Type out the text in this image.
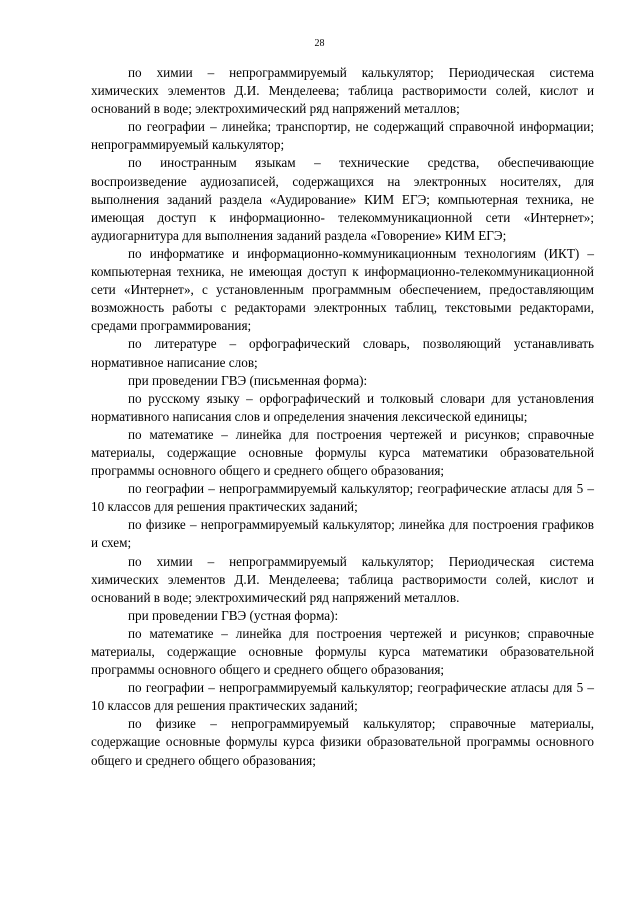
28

по химии – непрограммируемый калькулятор; Периодическая система химических элементов Д.И. Менделеева; таблица растворимости солей, кислот и оснований в воде; электрохимический ряд напряжений металлов;

по географии – линейка; транспортир, не содержащий справочной информации; непрограммируемый калькулятор;

по иностранным языкам – технические средства, обеспечивающие воспроизведение аудиозаписей, содержащихся на электронных носителях, для выполнения заданий раздела «Аудирование» КИМ ЕГЭ; компьютерная техника, не имеющая доступ к информационно- телекоммуникационной сети «Интернет»; аудиогарнитура для выполнения заданий раздела «Говорение» КИМ ЕГЭ;

по информатике и информационно-коммуникационным технологиям (ИКТ) – компьютерная техника, не имеющая доступ к информационно-телекоммуникационной сети «Интернет», с установленным программным обеспечением, предоставляющим возможность работы с редакторами электронных таблиц, текстовыми редакторами, средами программирования;

по литературе – орфографический словарь, позволяющий устанавливать нормативное написание слов;

при проведении ГВЭ (письменная форма):

по русскому языку – орфографический и толковый словари для установления нормативного написания слов и определения значения лексической единицы;

по математике – линейка для построения чертежей и рисунков; справочные материалы, содержащие основные формулы курса математики образовательной программы основного общего и среднего общего образования;

по географии – непрограммируемый калькулятор; географические атласы для 5 – 10 классов для решения практических заданий;

по физике – непрограммируемый калькулятор; линейка для построения графиков и схем;

по химии – непрограммируемый калькулятор; Периодическая система химических элементов Д.И. Менделеева; таблица растворимости солей, кислот и оснований в воде; электрохимический ряд напряжений металлов.

при проведении ГВЭ (устная форма):

по математике – линейка для построения чертежей и рисунков; справочные материалы, содержащие основные формулы курса математики образовательной программы основного общего и среднего общего образования;

по географии – непрограммируемый калькулятор; географические атласы для 5 – 10 классов для решения практических заданий;

по физике – непрограммируемый калькулятор; справочные материалы, содержащие основные формулы курса физики образовательной программы основного общего и среднего общего образования;
